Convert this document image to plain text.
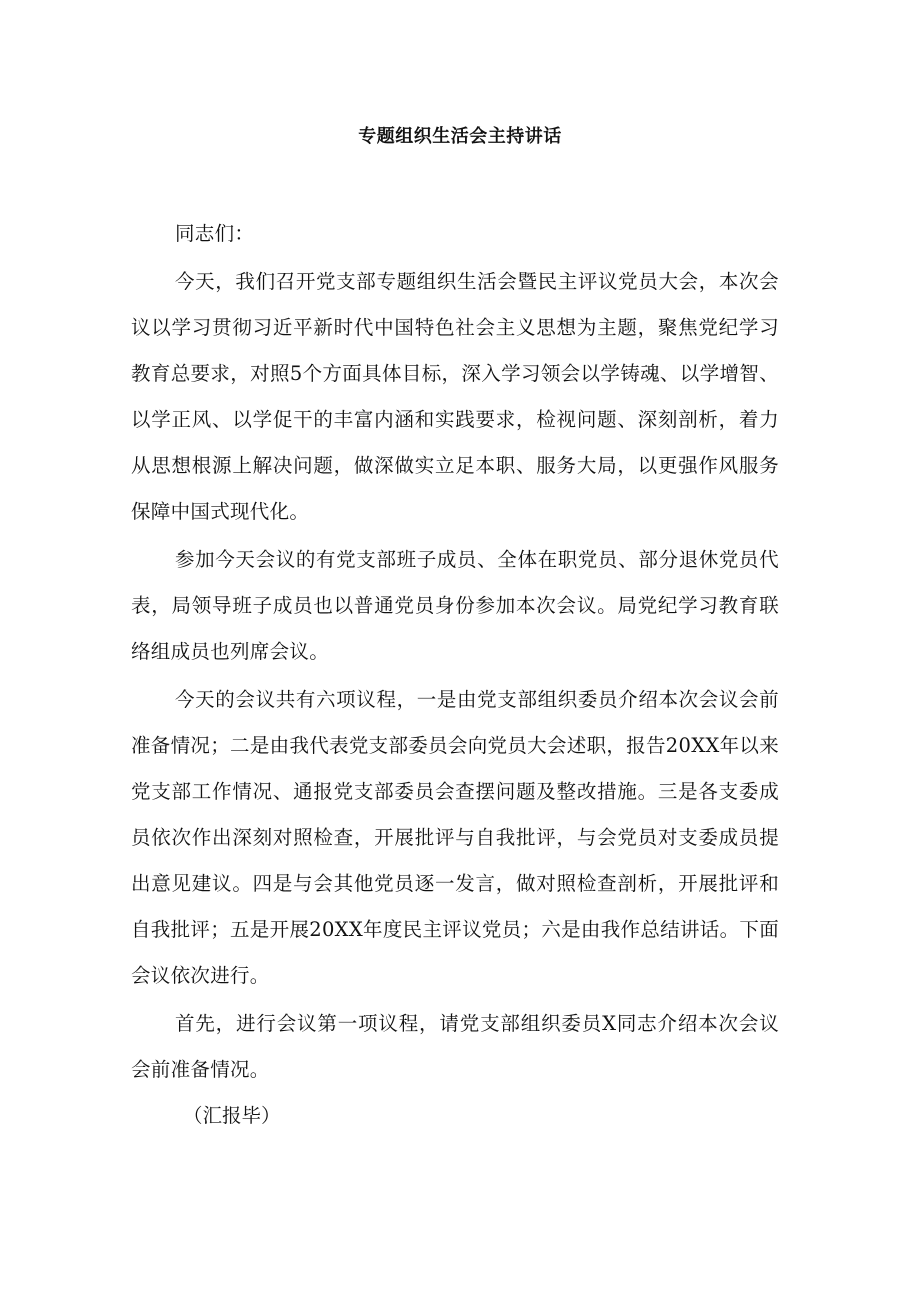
专题组织生活会主持讲话

同志们：

今天，我们召开党支部专题组织生活会暨民主评议党员大会，本次会议以学习贯彻习近平新时代中国特色社会主义思想为主题，聚焦党纪学习教育总要求，对照5个方面具体目标，深入学习领会以学铸魂、以学增智、以学正风、以学促干的丰富内涵和实践要求，检视问题、深刻剖析，着力从思想根源上解决问题，做深做实立足本职、服务大局，以更强作风服务保障中国式现代化。

参加今天会议的有党支部班子成员、全体在职党员、部分退休党员代表，局领导班子成员也以普通党员身份参加本次会议。局党纪学习教育联络组成员也列席会议。

今天的会议共有六项议程，一是由党支部组织委员介绍本次会议会前准备情况；二是由我代表党支部委员会向党员大会述职，报告20XX年以来党支部工作情况、通报党支部委员会查摆问题及整改措施。三是各支委成员依次作出深刻对照检查，开展批评与自我批评，与会党员对支委成员提出意见建议。四是与会其他党员逐一发言，做对照检查剖析，开展批评和自我批评；五是开展20XX年度民主评议党员；六是由我作总结讲话。下面会议依次进行。

首先，进行会议第一项议程，请党支部组织委员X同志介绍本次会议会前准备情况。

（汇报毕）
